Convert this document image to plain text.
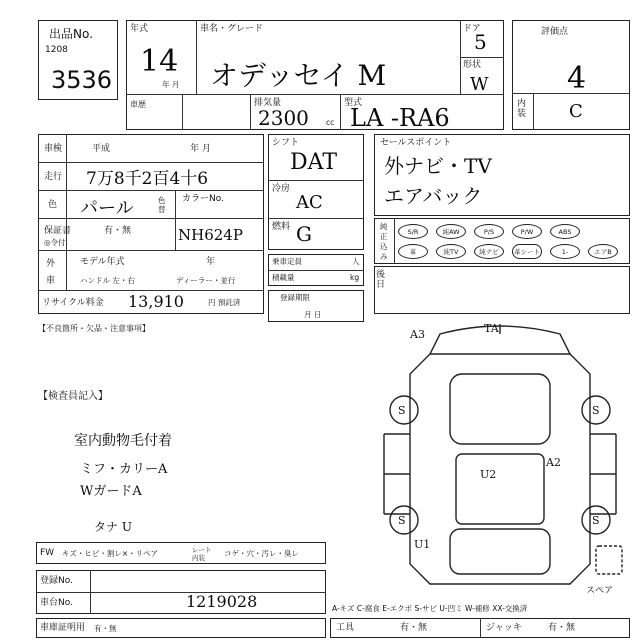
出品No.
1208
3536
年式
14
年 月
車名・グレード
オデッセイ M
ドア
5
形状
W
車歴	排気量
2300 cc
型式
LA -RA6
評価点
4
内装 C
車検	平成	年 月
走行 7万8千2百4十6
色 パール	色替
カラーNo.
NH624P
保証書	有・無
◎令付
外車
モデル年式	年
ハンドル 左・右	ディーラー・並行
リサイクル料金 13,910	円 預託済
シフト
DAT
冷房
AC
燃料 G
乗車定員	人
積載量	kg
登録期限
月 日
セールスポイント
外ナビ・TV
エアバック
純正込み
S/R	純AW	P/S	P/W	ABS
革	純TV	純ナビ	革シート	1-	エアB
後日
【不良箇所・欠品・注意事項】
【検査員記入】
室内動物毛付着
ミフ・カリーA
WガードA
タナ U
A3	TA
S	S
U2
A2
S	S
U1
スペア
A-キズ C-腐食 E-エクボ S-サビ U-凹ミ W-補修 XX-交換済
FW キズ・ヒビ・割レ×・リペア	レート 内装	コゲ・穴・汚レ・臭レ
登録No.
車台No.	1219028
車庫証明用 有・無	工具	有・無	ジャッキ	有・無
